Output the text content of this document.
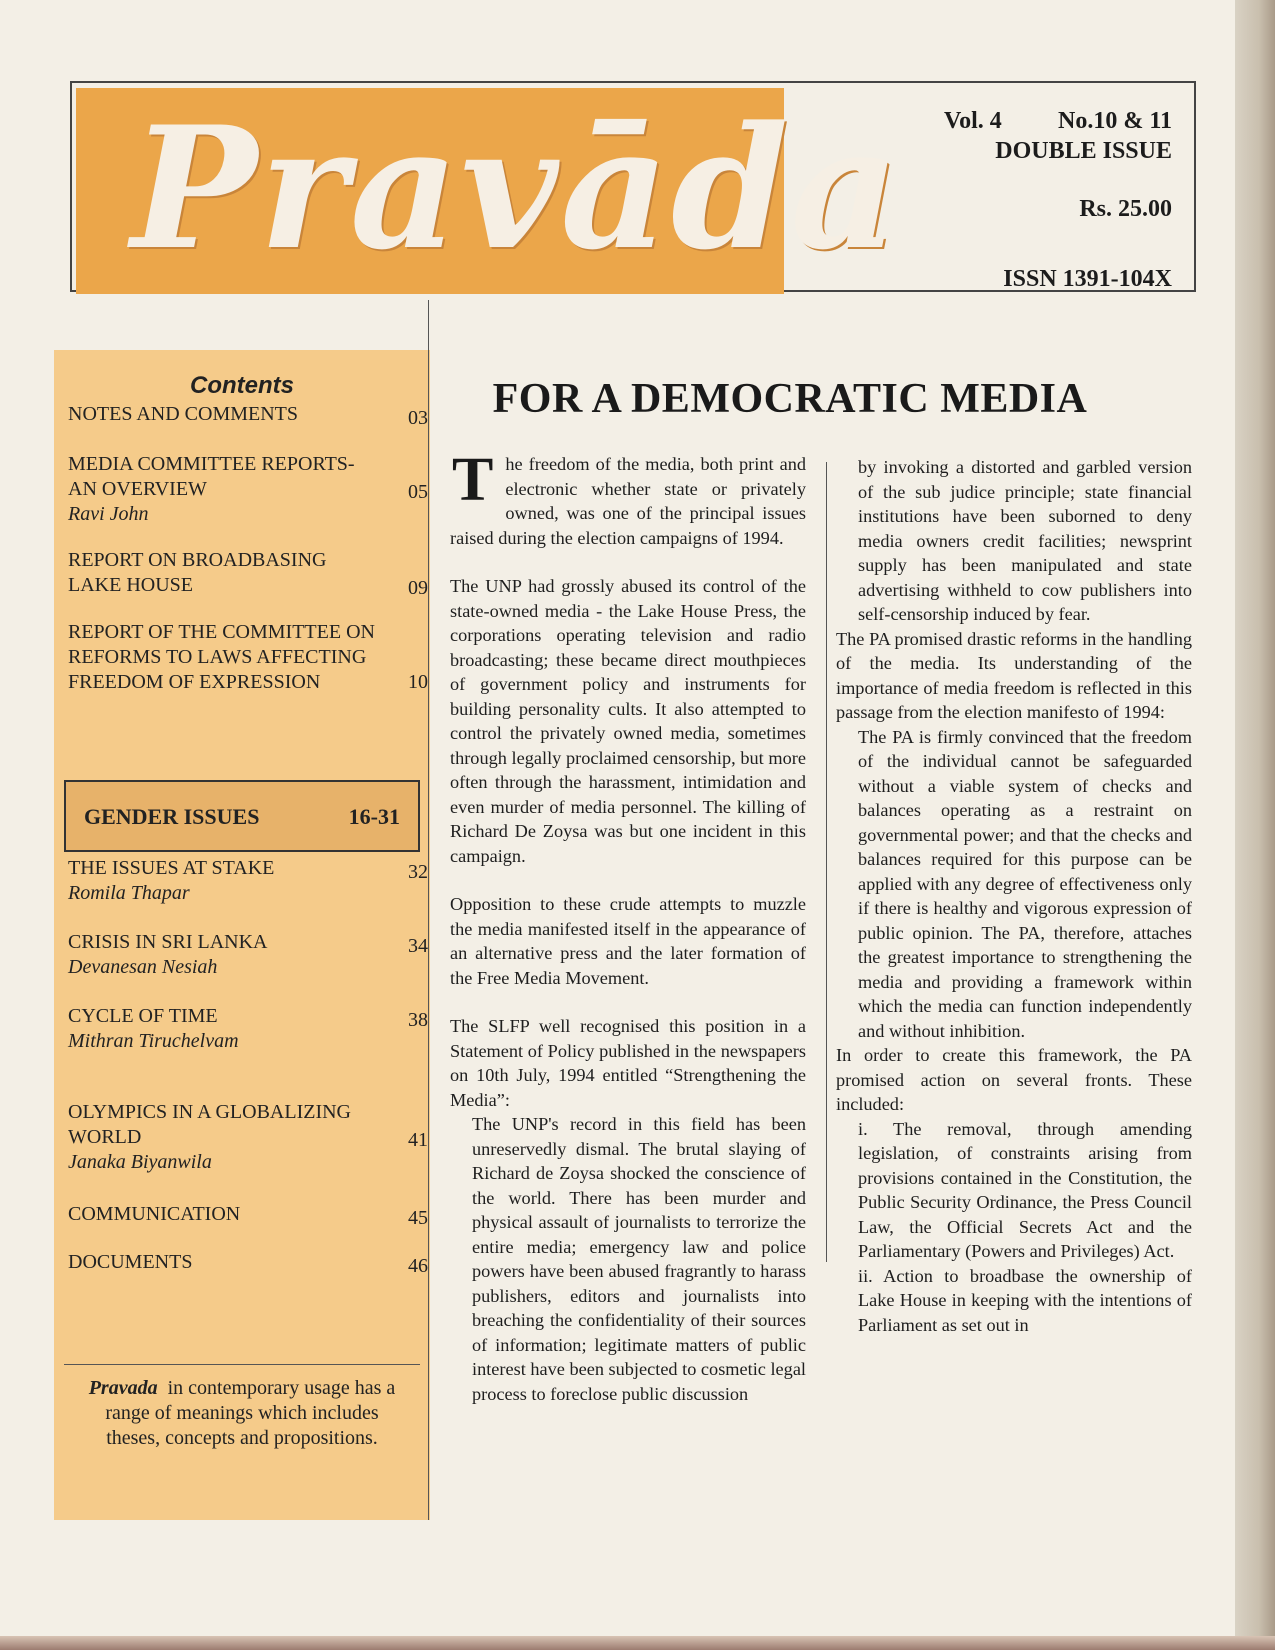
Pravāda Vol. 4 No.10 & 11
DOUBLE ISSUE
Rs. 25.00
ISSN 1391-104X
Contents
NOTES AND COMMENTS	03
MEDIA COMMITTEE REPORTS- AN OVERVIEW
Ravi John
05
REPORT ON BROADBASING LAKE HOUSE	09
REPORT OF THE COMMITTEE ON REFORMS TO LAWS AFFECTING FREEDOM OF EXPRESSION	10
GENDER ISSUES	16-31
THE ISSUES AT STAKE
Romila Thapar
32
CRISIS IN SRI LANKA
Devanesan Nesiah
34
CYCLE OF TIME
Mithran Tiruchelvam
38
OLYMPICS IN A GLOBALIZING WORLD
Janaka Biyanwila
41
COMMUNICATION	45
DOCUMENTS	46
Pravada in contemporary usage has a range of meanings which includes theses, concepts and propositions.
FOR A DEMOCRATIC MEDIA

The freedom of the media, both print and electronic whether state or privately owned, was one of the principal issues raised during the election campaigns of 1994.

The UNP had grossly abused its control of the state-owned media - the Lake House Press, the corporations operating television and radio broadcasting; these became direct mouthpieces of government policy and instruments for building personality cults. It also attempted to control the privately owned media, sometimes through legally proclaimed censorship, but more often through the harassment, intimidation and even murder of media personnel. The killing of Richard De Zoysa was but one incident in this campaign.

Opposition to these crude attempts to muzzle the media manifested itself in the appearance of an alternative press and the later formation of the Free Media Movement.

The SLFP well recognised this position in a Statement of Policy published in the newspapers on 10th July, 1994 entitled “Strengthening the Media”:

The UNP's record in this field has been unreservedly dismal. The brutal slaying of Richard de Zoysa shocked the conscience of the world. There has been murder and physical assault of journalists to terrorize the entire media; emergency law and police powers have been abused fragrantly to harass publishers, editors and journalists into breaching the confidentiality of their sources of information; legitimate matters of public interest have been subjected to cosmetic legal process to foreclose public discussion

by invoking a distorted and garbled version of the sub judice principle; state financial institutions have been suborned to deny media owners credit facilities; newsprint supply has been manipulated and state advertising withheld to cow publishers into self-censorship induced by fear.

The PA promised drastic reforms in the handling of the media. Its understanding of the importance of media freedom is reflected in this passage from the election manifesto of 1994:

The PA is firmly convinced that the freedom of the individual cannot be safeguarded without a viable system of checks and balances operating as a restraint on governmental power; and that the checks and balances required for this purpose can be applied with any degree of effectiveness only if there is healthy and vigorous expression of public opinion. The PA, therefore, attaches the greatest importance to strengthening the media and providing a framework within which the media can function independently and without inhibition.

In order to create this framework, the PA promised action on several fronts. These included:

i. The removal, through amending legislation, of constraints arising from provisions contained in the Constitution, the Public Security Ordinance, the Press Council Law, the Official Secrets Act and the Parliamentary (Powers and Privileges) Act.

ii. Action to broadbase the ownership of Lake House in keeping with the intentions of Parliament as set out in
